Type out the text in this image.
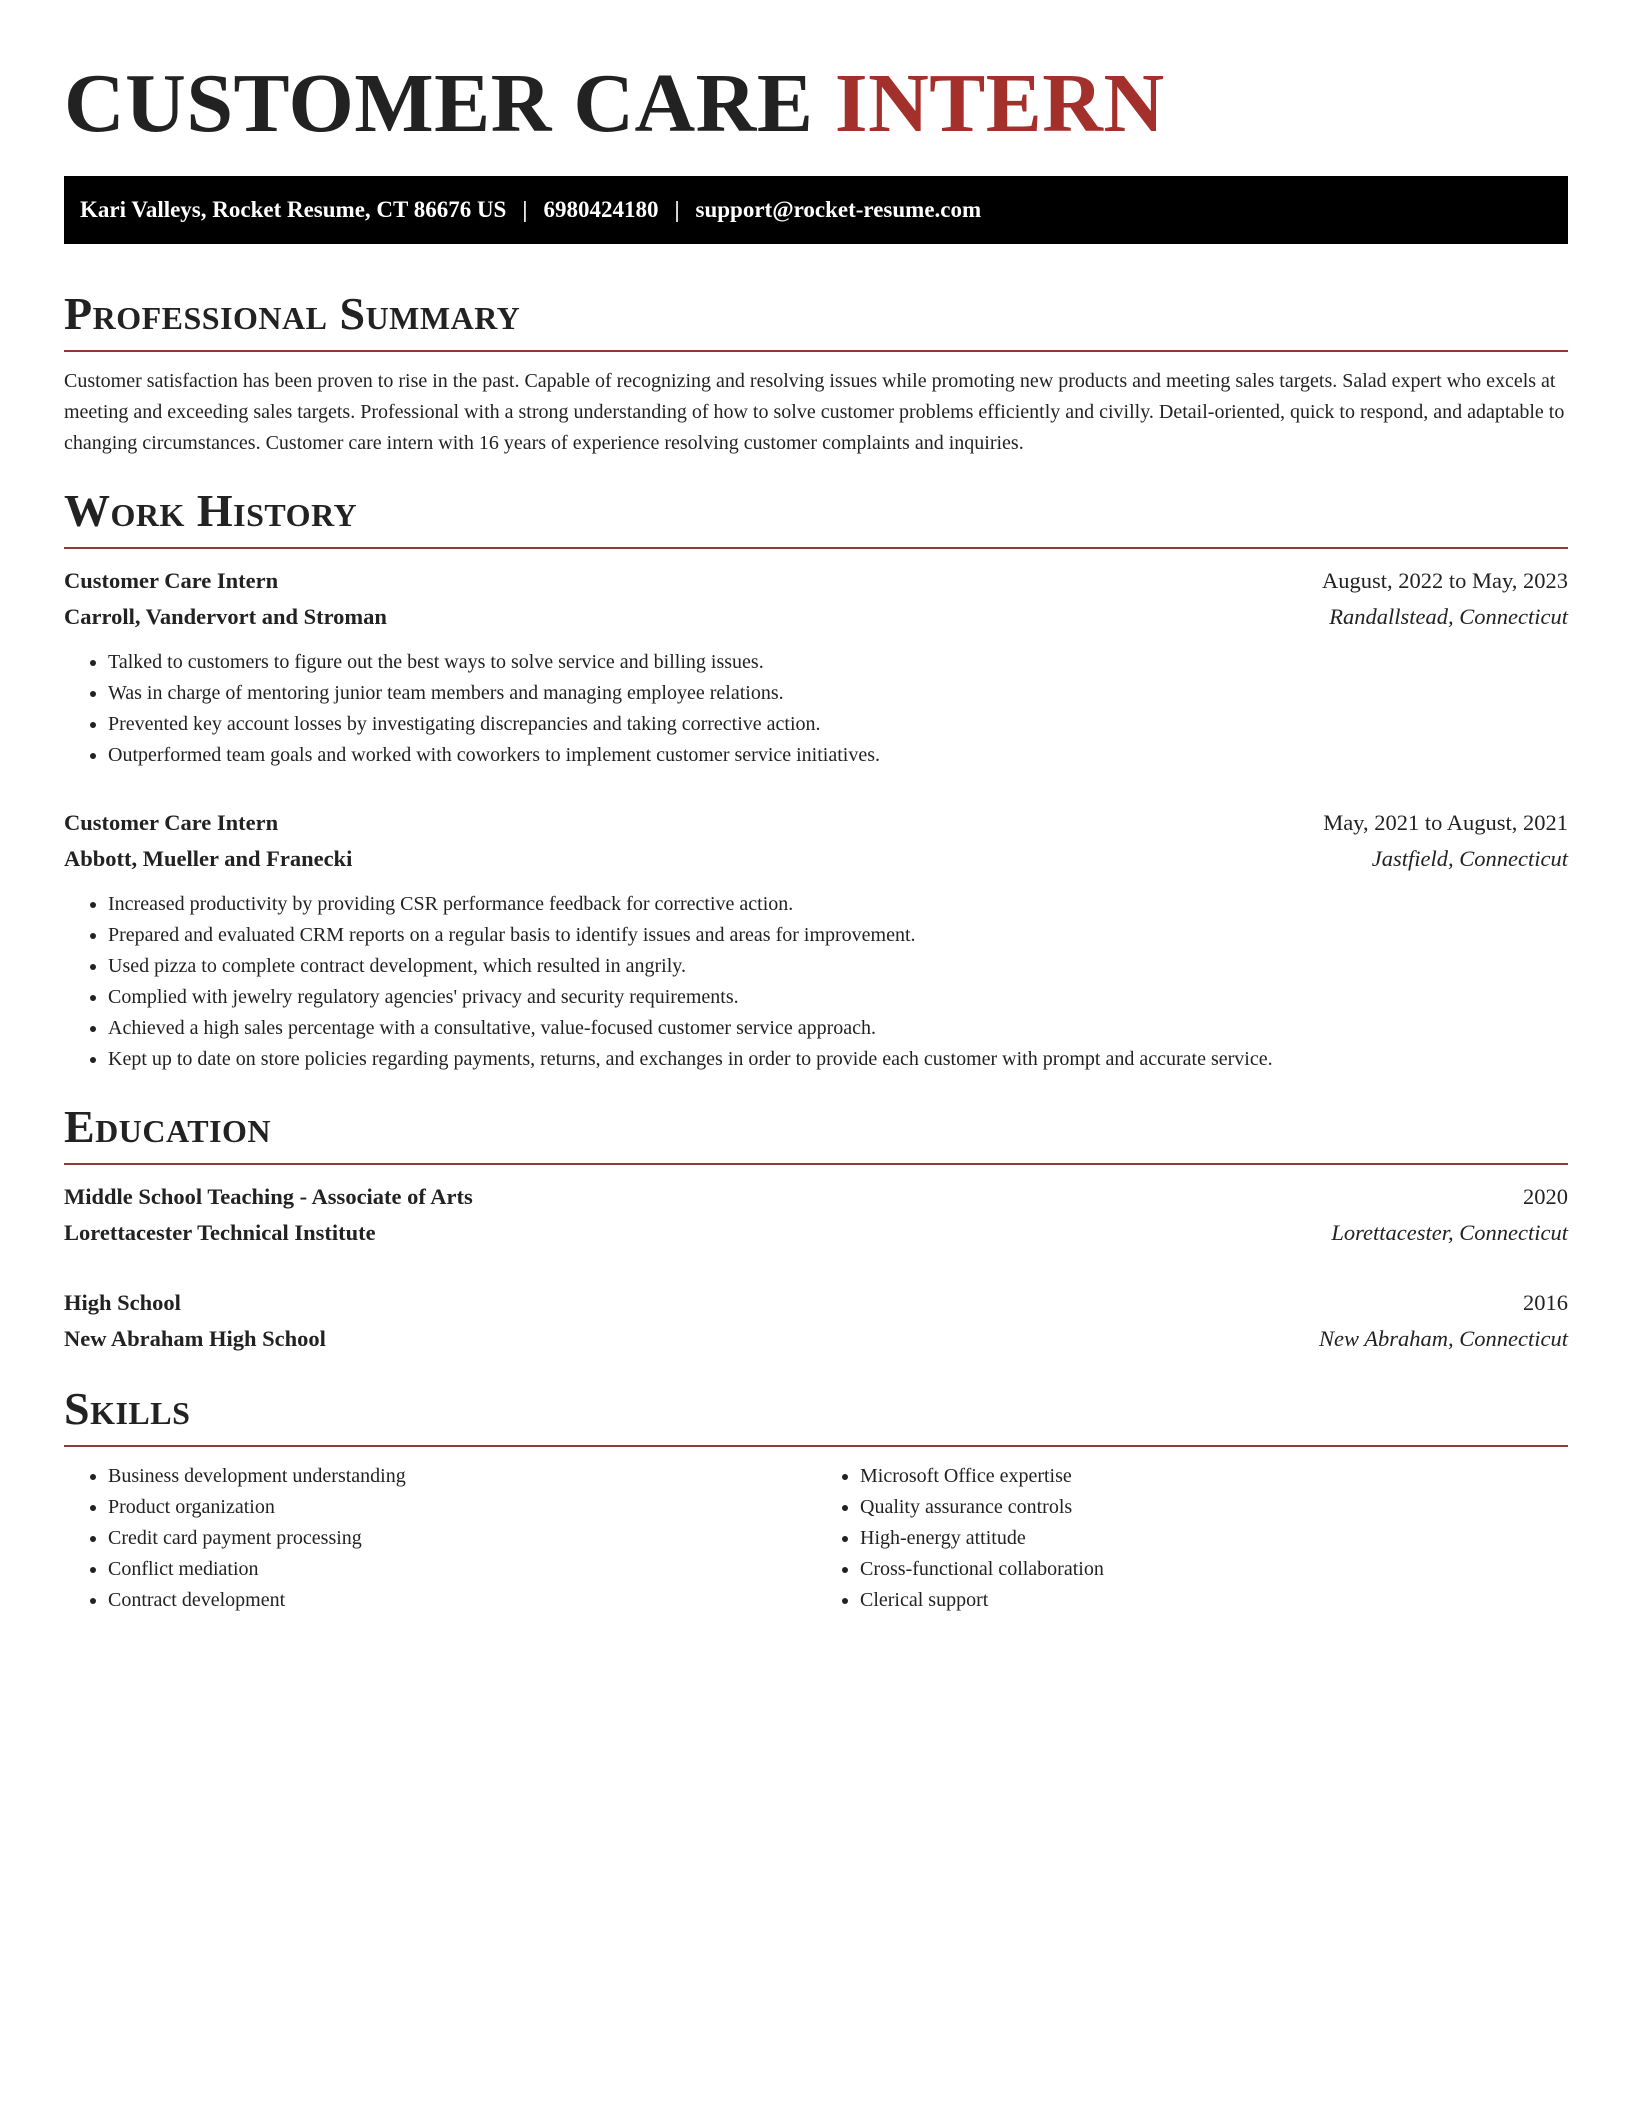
CUSTOMER CARE INTERN
Kari Valleys, Rocket Resume, CT 86676 US | 6980424180 | support@rocket-resume.com
Professional Summary

Customer satisfaction has been proven to rise in the past. Capable of recognizing and resolving issues while promoting new products and meeting sales targets. Salad expert who excels at meeting and exceeding sales targets. Professional with a strong understanding of how to solve customer problems efficiently and civilly. Detail-oriented, quick to respond, and adaptable to changing circumstances. Customer care intern with 16 years of experience resolving customer complaints and inquiries.

Work History
Customer Care Intern	August, 2022 to May, 2023
Carroll, Vandervort and Stroman	Randallstead, Connecticut
• Talked to customers to figure out the best ways to solve service and billing issues.
• Was in charge of mentoring junior team members and managing employee relations.
• Prevented key account losses by investigating discrepancies and taking corrective action.
• Outperformed team goals and worked with coworkers to implement customer service initiatives.
Customer Care Intern	May, 2021 to August, 2021
Abbott, Mueller and Franecki	Jastfield, Connecticut
• Increased productivity by providing CSR performance feedback for corrective action.
• Prepared and evaluated CRM reports on a regular basis to identify issues and areas for improvement.
• Used pizza to complete contract development, which resulted in angrily.
• Complied with jewelry regulatory agencies' privacy and security requirements.
• Achieved a high sales percentage with a consultative, value-focused customer service approach.
• Kept up to date on store policies regarding payments, returns, and exchanges in order to provide each customer with prompt and accurate service.
Education
Middle School Teaching - Associate of Arts	2020
Lorettacester Technical Institute	Lorettacester, Connecticut
High School	2016
New Abraham High School	New Abraham, Connecticut
Skills
• Business development understanding
• Product organization
• Credit card payment processing
• Conflict mediation
• Contract development
• Microsoft Office expertise
• Quality assurance controls
• High-energy attitude
• Cross-functional collaboration
• Clerical support
